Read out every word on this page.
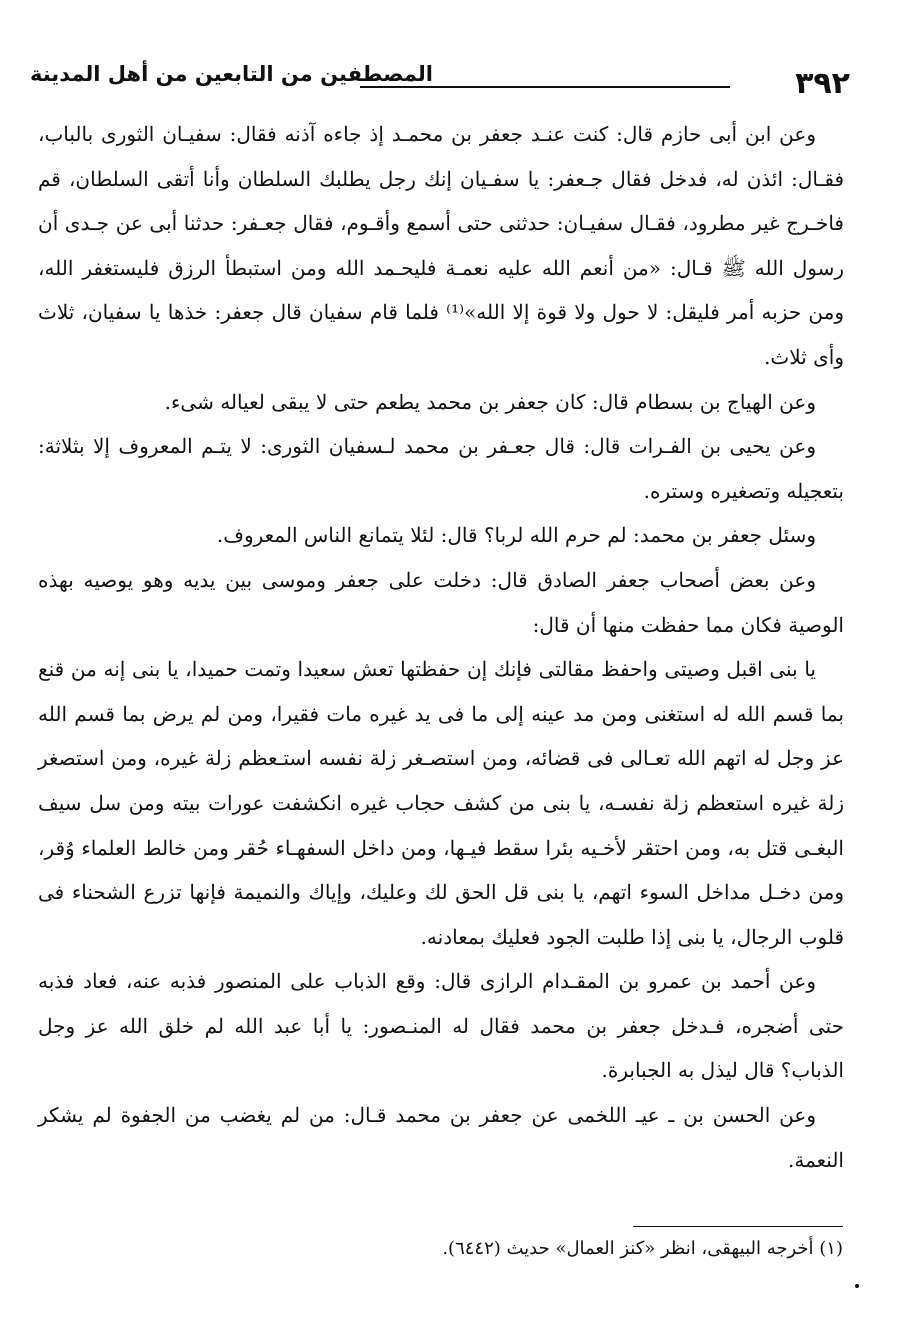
المصطفين من التابعين من أهل المدينة	٣٩٢

وعن ابن أبى حازم قال: كنت عنـد جعفر بن محمـد إذ جاءه آذنه فقال: سفيـان الثورى بالباب، فقـال: ائذن له، فدخل فقال جـعفر: يا سفـيان إنك رجل يطلبك السلطان وأنا أتقى السلطان، قم فاخـرج غير مطرود، فقـال سفيـان: حدثنى حتى أسمع وأقـوم، فقال جعـفر: حدثنا أبى عن جـدى أن رسول الله ﷺ قـال: «من أنعم الله عليه نعمـة فليحـمد الله ومن استبطأ الرزق فليستغفر الله، ومن حزبه أمر فليقل: لا حول ولا قوة إلا الله»⁽¹⁾ فلما قام سفيان قال جعفر: خذها يا سفيان، ثلاث وأى ثلاث.

وعن الهياج بن بسطام قال: كان جعفر بن محمد يطعم حتى لا يبقى لعياله شىء.

وعن يحيى بن الفـرات قال: قال جعـفر بن محمد لـسفيان الثورى: لا يتـم المعروف إلا بثلاثة: بتعجيله وتصغيره وستره.

وسئل جعفر بن محمد: لم حرم الله لربا؟ قال: لئلا يتمانع الناس المعروف.

وعن بعض أصحاب جعفر الصادق قال: دخلت على جعفر وموسى بين يديه وهو يوصيه بهذه الوصية فكان مما حفظت منها أن قال:

يا بنى اقبل وصيتى واحفظ مقالتى فإنك إن حفظتها تعش سعيدا وتمت حميدا، يا بنى إنه من قنع بما قسم الله له استغنى ومن مد عينه إلى ما فى يد غيره مات فقيرا، ومن لم يرض بما قسم الله عز وجل له اتهم الله تعـالى فى قضائه، ومن استصـغر زلة نفسه استـعظم زلة غيره، ومن استصغر زلة غيره استعظم زلة نفسـه، يا بنى من كشف حجاب غيره انكشفت عورات بيته ومن سل سيف البغـى قتل به، ومن احتقر لأخـيه بئرا سقط فيـها، ومن داخل السفهـاء حُقر ومن خالط العلماء وُقر، ومن دخـل مداخل السوء اتهم، يا بنى قل الحق لك وعليك، وإياك والنميمة فإنها تزرع الشحناء فى قلوب الرجال، يا بنى إذا طلبت الجود فعليك بمعادنه.

وعن أحمد بن عمرو بن المقـدام الرازى قال: وقع الذباب على المنصور فذبه عنه، فعاد فذبه حتى أضجره، فـدخل جعفر بن محمد فقال له المنـصور: يا أبا عبد الله لم خلق الله عز وجل الذباب؟ قال ليذل به الجبابرة.

وعن الحسن بن ـ عيـ اللخمى عن جعفر بن محمد قـال: من لم يغضب من الجفوة لم يشكر النعمة.

(١) أخرجه البيهقى، انظر «كنز العمال» حديث (٦٤٤٢).
